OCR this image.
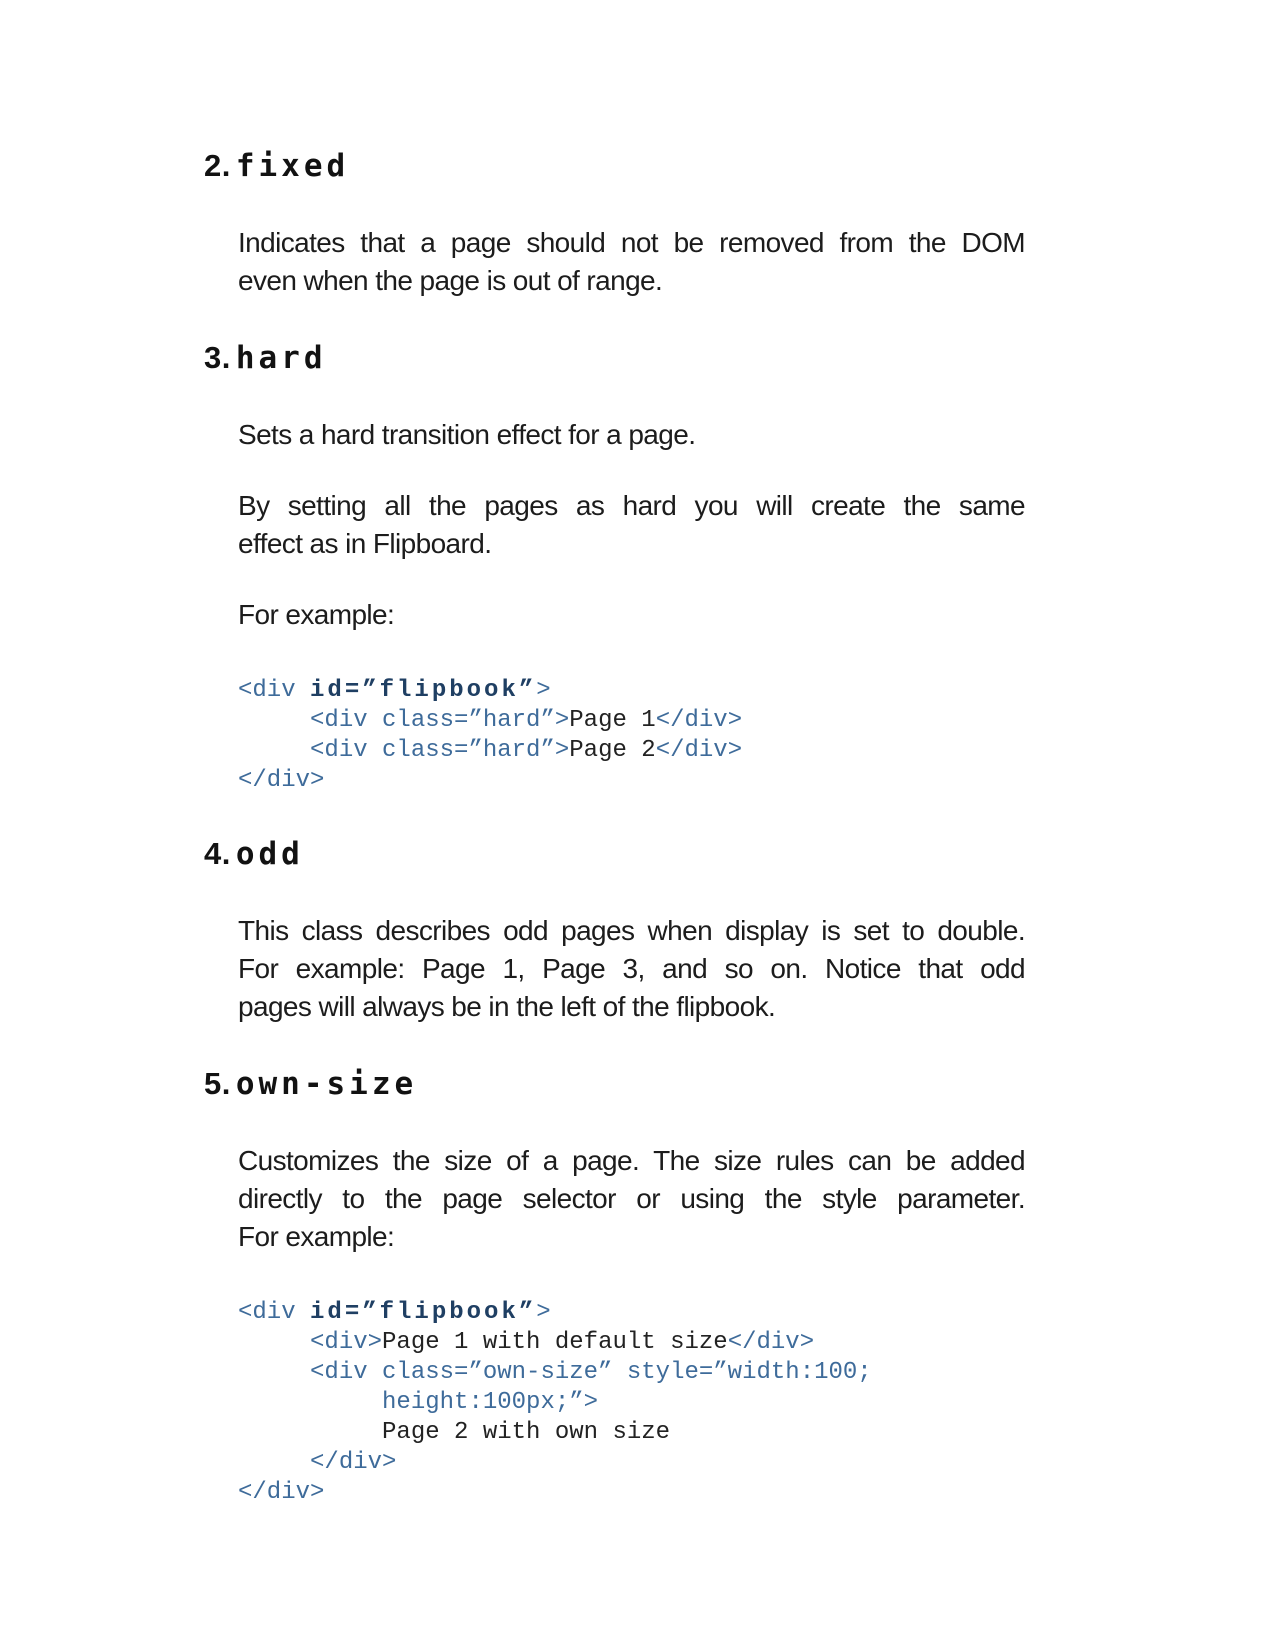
2. fixed
Indicates that a page should not be removed from the DOM
even when the page is out of range.
3. hard
Sets a hard transition effect for a page.
By setting all the pages as hard you will create the same
effect as in Flipboard.
For example:
<div id=”flipbook”>
<div class=”hard”>Page 1</div>
<div class=”hard”>Page 2</div>
</div>
4. odd
This class describes odd pages when display is set to double.
For example: Page 1, Page 3, and so on. Notice that odd
pages will always be in the left of the flipbook.
5. own-size
Customizes the size of a page. The size rules can be added
directly to the page selector or using the style parameter.
For example:
<div id=”flipbook”>
<div>Page 1 with default size</div>
<div class=”own-size” style=”width:100;
height:100px;”>
Page 2 with own size
</div>
</div>
